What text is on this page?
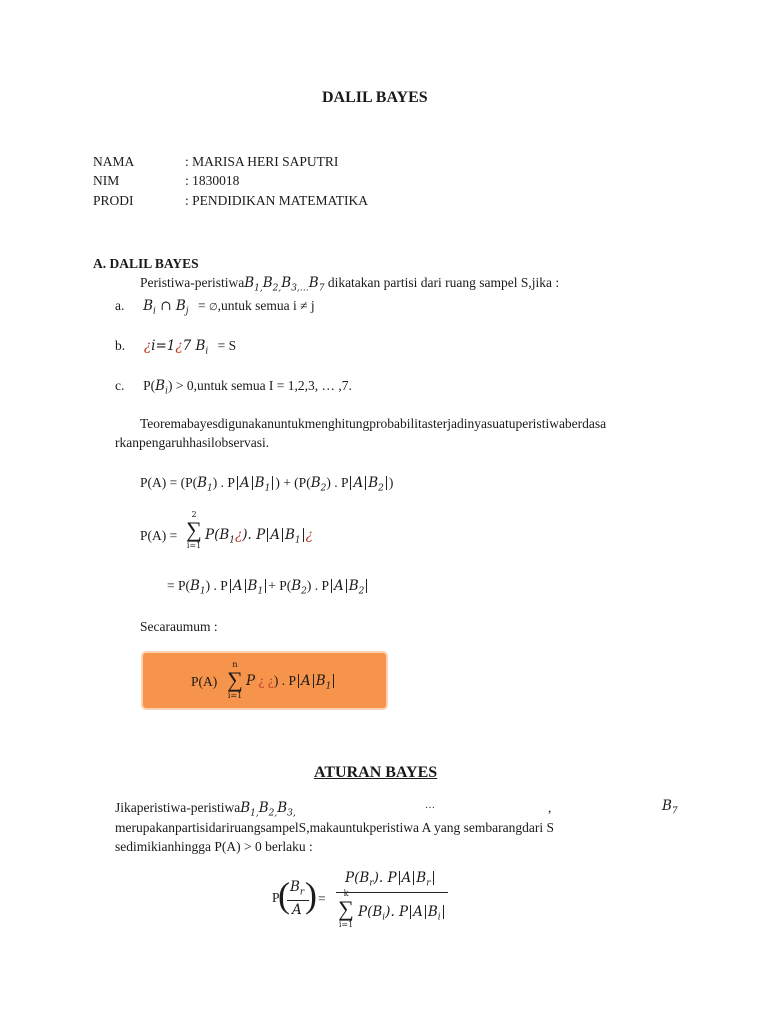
DALIL BAYES
NAMA	: MARISA HERI SAPUTRI
NIM	: 1830018
PRODI	: PENDIDIKAN MATEMATIKA
A. DALIL BAYES
Peristiwa-$peristiwaB_{1,}B_{2,}B_{3,\dots}B_7$ dikatakan partisi dari ruang sampel S,jika :
a. $B_i$ ∩ $B_j$ = ∅,untuk semua i ≠ j
b. ¿i=1¿7 $B_i = S$
c. $P(B_i)$ > 0,untuk semua I = 1,2,3, … ,7.
Teoremabayesdigunakanuntukmenghitungprobabilitasterjadinyasuatuperistiwaberdasa
rkanpengaruhhasilobservasi.
$P(A) = (P(B_1)$ . P A $B_1$ ) + ($P(B_2)$ . P A $B_2$ )
P(A) =
2
∑
i=1
$P(B_1¿)$. P A $B_1$ ¿
= $P(B_1)$ . P A $B_1 + P(B_2)$ . P A $B_2$
Secaraumum :
P(A)
n
∑
i=1
P ¿ ¿) . P A $B_1$
ATURAN BAYES
Jikaperistiwa-$peristiwaB_{1,}B_{2,}B_{3,}$
…	,	$B_7$
merupakanpartisidariruangsampelS,makauntukperistiwa A yang sembarangdari S
sedimikianhingga P(A) > 0 berlaku :
P
( $B_r$
A ) =
$P(B_r)$. P A $B_r$
k
∑
i=1
$P(B_i)$. P A $B_i$
